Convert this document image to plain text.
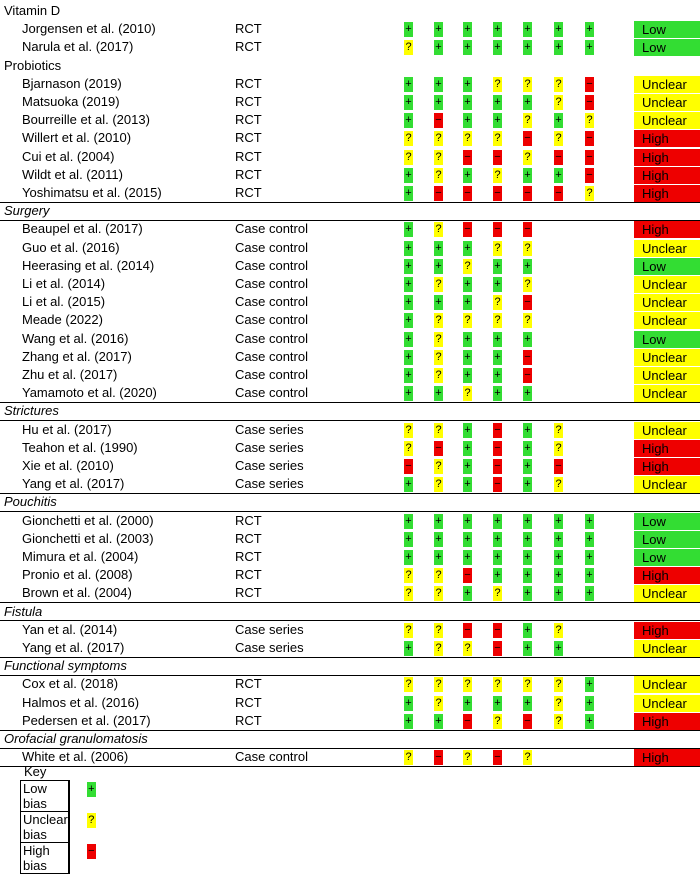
Vitamin D
Jorgensen et al. (2010)	RCT	+ + + + + + +	Low
Narula et al. (2017)	RCT	? + + + + + +	Low
Probiotics
Bjarnason (2019)	RCT	+ + + ? ? ? −	Unclear
Matsuoka (2019)	RCT	+ + + + + ? −	Unclear
Bourreille et al. (2013)	RCT	+ − + + ? + ?	Unclear
Willert et al. (2010)	RCT	? ? ? ? − ? −	High
Cui et al. (2004)	RCT	? ? − − ? − −	High
Wildt et al. (2011)	RCT	+ ? + ? + + −	High
Yoshimatsu et al. (2015)	RCT	+ − − − − − ?	High
Surgery
Beaupel et al. (2017)	Case control	+ ? − − −	High
Guo et al. (2016)	Case control	+ + + ? ?	Unclear
Heerasing et al. (2014)	Case control	+ + ? + +	Low
Li et al. (2014)	Case control	+ ? + + ?	Unclear
Li et al. (2015)	Case control	+ + + ? −	Unclear
Meade (2022)	Case control	+ ? ? ? ?	Unclear
Wang et al. (2016)	Case control	+ ? + + +	Low
Zhang et al. (2017)	Case control	+ ? + + −	Unclear
Zhu et al. (2017)	Case control	+ ? + + −	Unclear
Yamamoto et al. (2020)	Case control	+ + ? + +	Unclear
Strictures
Hu et al. (2017)	Case series	? ? + − + ?	Unclear
Teahon et al. (1990)	Case series	? − + − + ?	High
Xie et al. (2010)	Case series	− ? + − + −	High
Yang et al. (2017)	Case series	+ ? + − + ?	Unclear
Pouchitis
Gionchetti et al. (2000)	RCT	+ + + + + + +	Low
Gionchetti et al. (2003)	RCT	+ + + + + + +	Low
Mimura et al. (2004)	RCT	+ + + + + + +	Low
Pronio et al. (2008)	RCT	? ? − + + + +	High
Brown et al. (2004)	RCT	? ? + ? + + +	Unclear
Fistula
Yan et al. (2014)	Case series	? ? − − + ?	High
Yang et al. (2017)	Case series	+ ? ? − + +	Unclear
Functional symptoms
Cox et al. (2018)	RCT	? ? ? ? ? ? +	Unclear
Halmos et al. (2016)	RCT	+ ? + + + ? +	Unclear
Pedersen et al. (2017)	RCT	+ + − ? − ? +	High
Orofacial granulomatosis
White et al. (2006)	Case control	? − ? − ?	High
Key
Low bias	+

Unclear bias	?

High bias	−
